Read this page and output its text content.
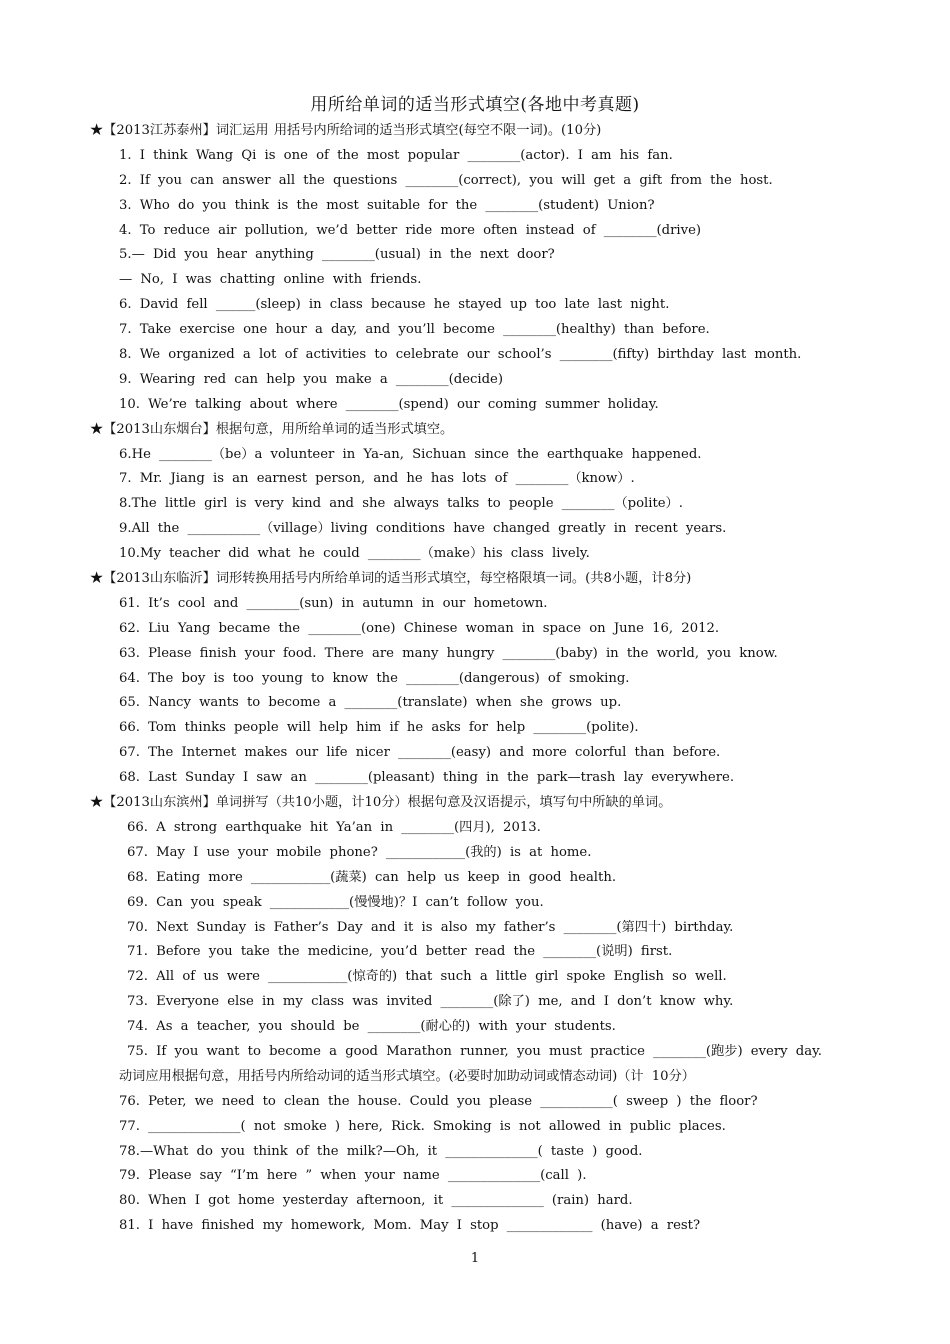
用所给单词的适当形式填空(各地中考真题)
★【2013江苏泰州】词汇运用 用括号内所给词的适当形式填空(每空不限一词)。(10分)
1. I think Wang Qi is one of the most popular ________(actor). I am his fan.
2. If you can answer all the questions ________(correct), you will get a gift from the host.
3. Who do you think is the most suitable for the ________(student) Union?
4. To reduce air pollution, we’d better ride more often instead of ________(drive)
5.— Did you hear anything ________(usual) in the next door?
— No, I was chatting online with friends.
6. David fell ______(sleep) in class because he stayed up too late last night.
7. Take exercise one hour a day, and you’ll become ________(healthy) than before.
8. We organized a lot of activities to celebrate our school’s ________(fifty) birthday last month.
9. Wearing red can help you make a ________(decide)
10. We’re talking about where ________(spend) our coming summer holiday.
★【2013山东烟台】根据句意，用所给单词的适当形式填空。
6.He ________（be）a volunteer in Ya-an, Sichuan since the earthquake happened.
7. Mr. Jiang is an earnest person, and he has lots of ________（know）.
8.The little girl is very kind and she always talks to people ________（polite）.
9.All the ___________（village）living conditions have changed greatly in recent years.
10.My teacher did what he could ________（make）his class lively.
★【2013山东临沂】词形转换用括号内所给单词的适当形式填空，每空格限填一词。(共8小题，计8分)
61. It’s cool and ________(sun) in autumn in our hometown.
62. Liu Yang became the ________(one) Chinese woman in space on June 16, 2012.
63. Please finish your food. There are many hungry ________(baby) in the world, you know.
64. The boy is too young to know the ________(dangerous) of smoking.
65. Nancy wants to become a ________(translate) when she grows up.
66. Tom thinks people will help him if he asks for help ________(polite).
67. The Internet makes our life nicer ________(easy) and more colorful than before.
68. Last Sunday I saw an ________(pleasant) thing in the park—trash lay everywhere.
★【2013山东滨州】单词拼写（共10小题，计10分）根据句意及汉语提示，填写句中所缺的单词。
66. A strong earthquake hit Ya’an in ________(四月), 2013.
67. May I use your mobile phone? ____________(我的) is at home.
68. Eating more ____________(蔬菜) can help us keep in good health.
69. Can you speak ____________(慢慢地)？I can’t follow you.
70. Next Sunday is Father’s Day and it is also my father’s ________(第四十) birthday.
71. Before you take the medicine, you’d better read the ________(说明) first.
72. All of us were ____________(惊奇的) that such a little girl spoke English so well.
73. Everyone else in my class was invited ________(除了) me, and I don’t know why.
74. As a teacher, you should be ________(耐心的) with your students.
75. If you want to become a good Marathon runner, you must practice ________(跑步) every day.
动词应用根据句意，用括号内所给动词的适当形式填空。(必要时加助动词或情态动词)（计 10分）
76. Peter, we need to clean the house. Could you please ___________( sweep ) the floor?
77. ______________( not smoke ) here, Rick. Smoking is not allowed in public places.
78.—What do you think of the milk?—Oh, it ______________( taste ) good.
79. Please say “I’m here ” when your name ______________(call ).
80. When I got home yesterday afternoon, it ______________ (rain) hard.
81. I have finished my homework, Mom. May I stop _____________ (have) a rest?
1
